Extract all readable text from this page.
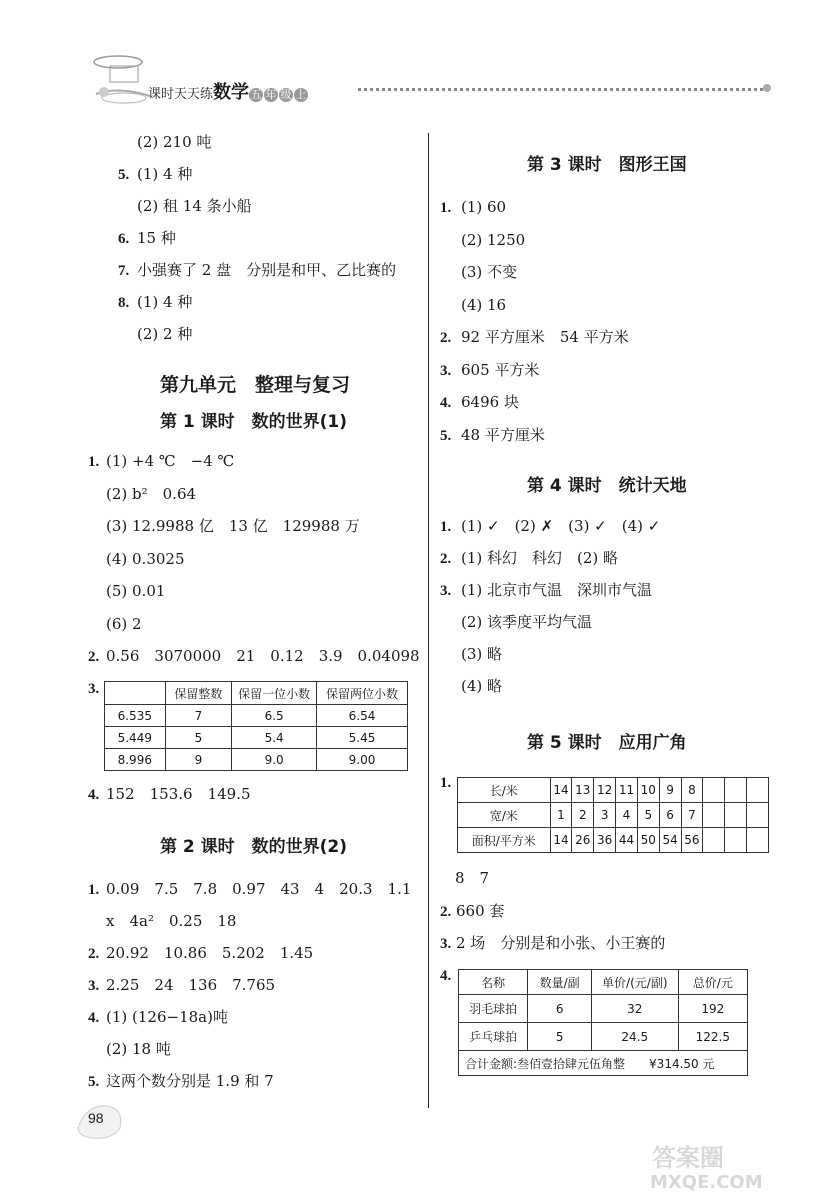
课时天天练数学 五 年 级 上
(2) 210 吨
5. (1) 4 种
(2) 租 14 条小船
6. 15 种
7. 小强赛了 2 盘　分别是和甲、乙比赛的
8. (1) 4 种
(2) 2 种
第九单元　整理与复习
第 1 课时　数的世界(1)
1. (1) +4 ℃　−4 ℃
(2) b²　0.64
(3) 12.9988 亿　13 亿　129988 万
(4) 0.3025
(5) 0.01
(6) 2
2. 0.56　3070000　21　0.12　3.9　0.04098
3.
		保留整数	保留一位小数	保留两位小数
6.535	7	6.5	6.54
5.449	5	5.4	5.45
8.996	9	9.0	9.00
4. 152　153.6　149.5
第 2 课时　数的世界(2)
1. 0.09　7.5　7.8　0.97　43　4　20.3　1.1
x　4a²　0.25　18
2. 20.92　10.86　5.202　1.45
3. 2.25　24　136　7.765
4. (1) (126−18a)吨
(2) 18 吨
5. 这两个数分别是 1.9 和 7
第 3 课时　图形王国
1. (1) 60
(2) 1250
(3) 不变
(4) 16
2. 92 平方厘米　54 平方米
3. 605 平方米
4. 6496 块
5. 48 平方厘米
第 4 课时　统计天地
1. (1) ✓　(2) ✗　(3) ✓　(4) ✓
2. (1) 科幻　科幻　(2) 略
3. (1) 北京市气温　深圳市气温
(2) 该季度平均气温
(3) 略
(4) 略
第 5 课时　应用广角
1.	长/米	14	13	12	11	10	9	8			
宽/米	1	2	3	4	5	6	7			
面积/平方米	14	26	36	44	50	54	56			
8　7
2. 660 套
3. 2 场　分别是和小张、小王赛的
4. 名称	数量/副	单价/(元/副)	总价/元
羽毛球拍	6	32	192
乒乓球拍	5	24.5	122.5
合计金额:叁佰壹拾肆元伍角整　　¥314.50 元			
98
答案圈
MXQE.COM
